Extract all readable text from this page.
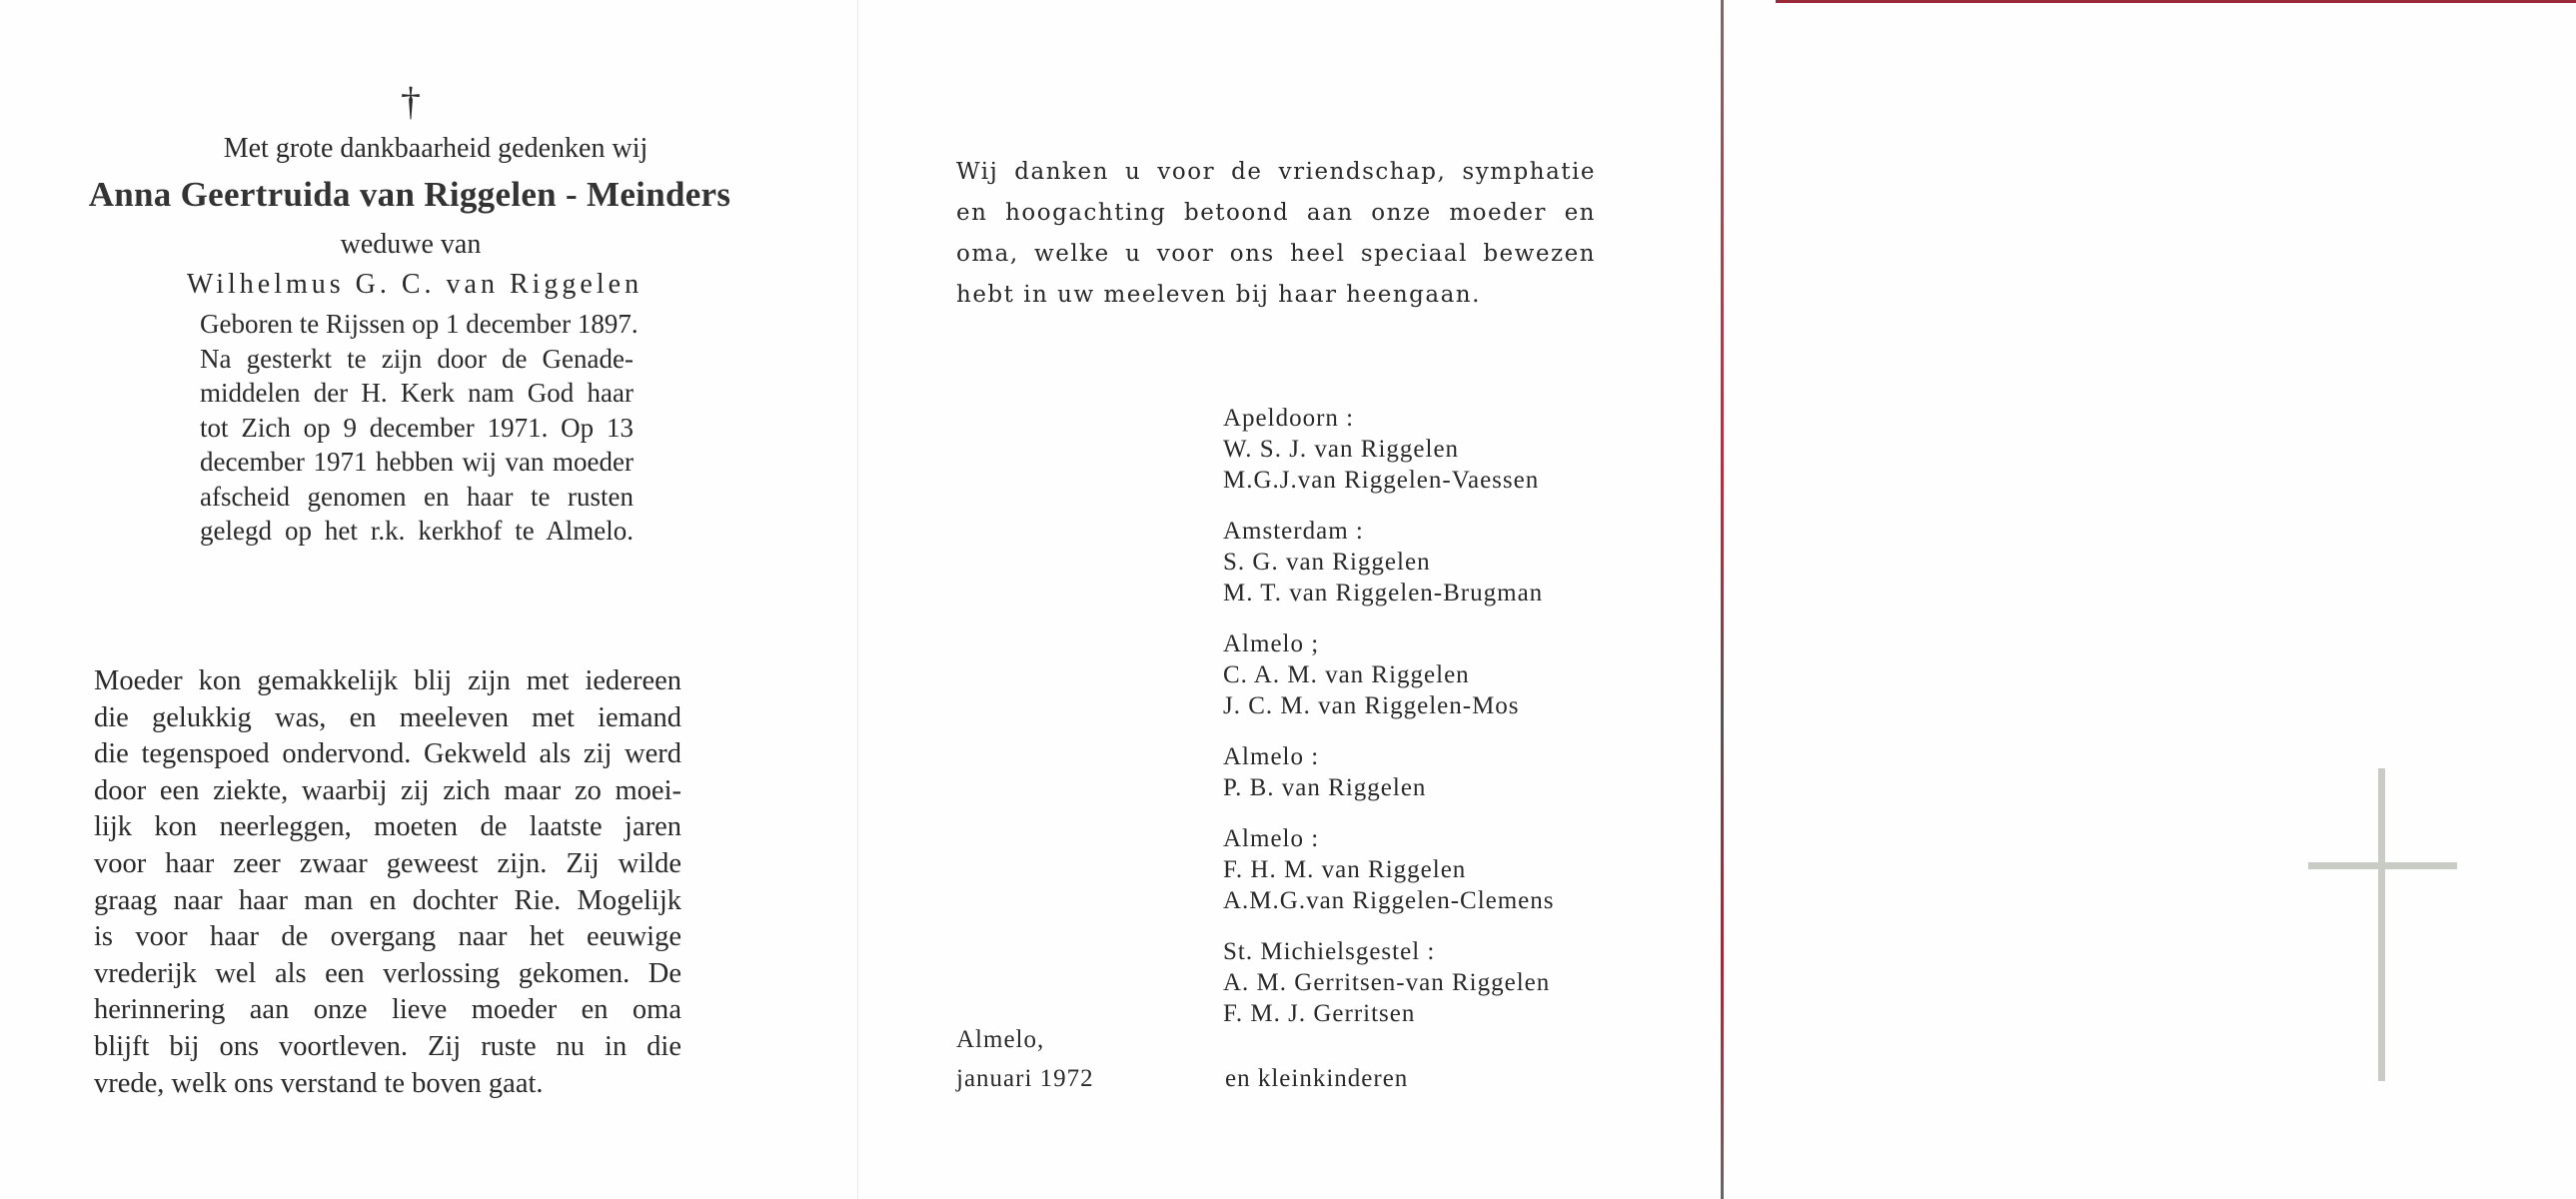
†
Met grote dankbaarheid gedenken wij
Anna Geertruida van Riggelen - Meinders
weduwe van
Wilhelmus G. C. van Riggelen
Geboren te Rijssen op 1 december 1897.
Na gesterkt te zijn door de Genade-
middelen der H. Kerk nam God haar
tot Zich op 9 december 1971. Op 13
december 1971 hebben wij van moeder
afscheid genomen en haar te rusten
gelegd op het r.k. kerkhof te Almelo.
Moeder kon gemakkelijk blij zijn met iedereen
die gelukkig was, en meeleven met iemand
die tegenspoed ondervond. Gekweld als zij werd
door een ziekte, waarbij zij zich maar zo moei-
lijk kon neerleggen, moeten de laatste jaren
voor haar zeer zwaar geweest zijn. Zij wilde
graag naar haar man en dochter Rie. Mogelijk
is voor haar de overgang naar het eeuwige
vrederijk wel als een verlossing gekomen. De
herinnering aan onze lieve moeder en oma
blijft bij ons voortleven. Zij ruste nu in die
vrede, welk ons verstand te boven gaat.
Wij danken u voor de vriendschap, symphatie
en hoogachting betoond aan onze moeder en
oma, welke u voor ons heel speciaal bewezen
hebt in uw meeleven bij haar heengaan.
Apeldoorn :
W. S. J. van Riggelen
M.G.J.van Riggelen-Vaessen
Amsterdam :
S. G. van Riggelen
M. T. van Riggelen-Brugman
Almelo ;
C. A. M. van Riggelen
J. C. M. van Riggelen-Mos
Almelo :
P. B. van Riggelen
Almelo :
F. H. M. van Riggelen
A.M.G.van Riggelen-Clemens
St. Michielsgestel :
A. M. Gerritsen-van Riggelen
F. M. J. Gerritsen
en kleinkinderen
Almelo,
januari 1972
